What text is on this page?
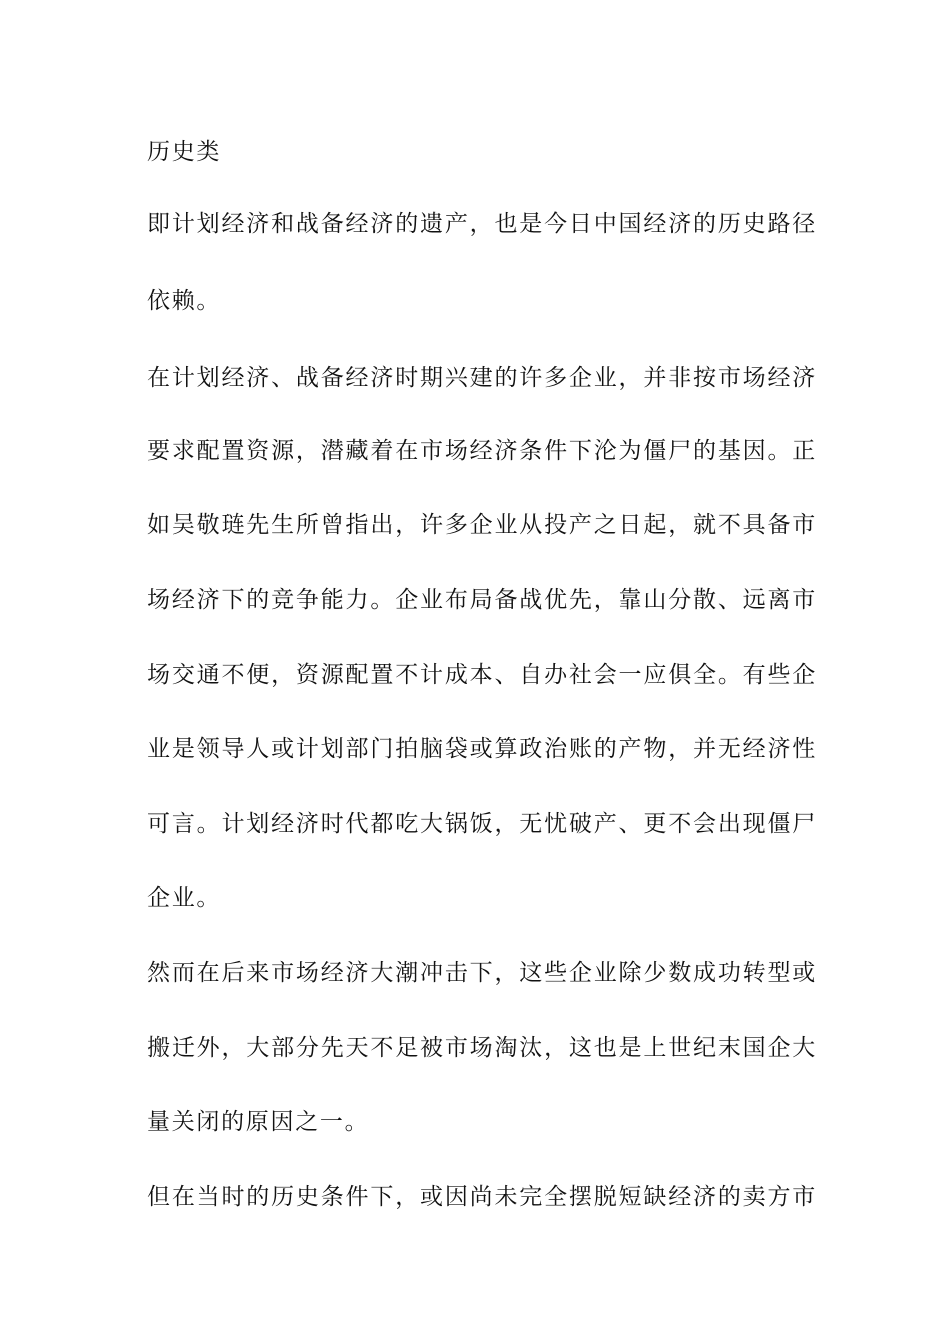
历史类
即计划经济和战备经济的遗产，也是今日中国经济的历史路径
依赖。
在计划经济、战备经济时期兴建的许多企业，并非按市场经济
要求配置资源，潜藏着在市场经济条件下沦为僵尸的基因。正
如吴敬琏先生所曾指出，许多企业从投产之日起，就不具备市
场经济下的竞争能力。企业布局备战优先，靠山分散、远离市
场交通不便，资源配置不计成本、自办社会一应俱全。有些企
业是领导人或计划部门拍脑袋或算政治账的产物，并无经济性
可言。计划经济时代都吃大锅饭，无忧破产、更不会出现僵尸
企业。
然而在后来市场经济大潮冲击下，这些企业除少数成功转型或
搬迁外，大部分先天不足被市场淘汰，这也是上世纪末国企大
量关闭的原因之一。
但在当时的历史条件下，或因尚未完全摆脱短缺经济的卖方市
